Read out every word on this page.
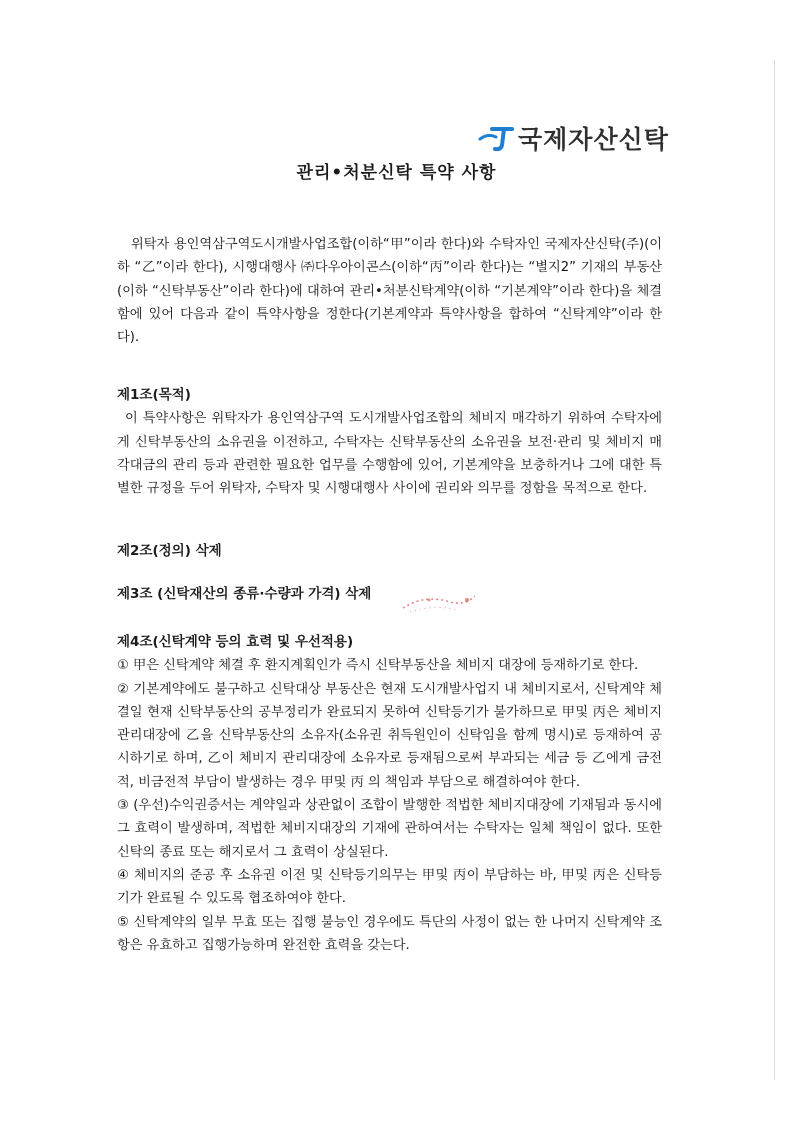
국제자산신탁
관리•처분신탁 특약 사항

위탁자 용인역삼구역도시개발사업조합(이하“甲”이라 한다)와 수탁자인 국제자산신탁(주)(이하 “乙”이라 한다), 시행대행사 ㈜다우아이콘스(이하“丙”이라 한다)는 “별지2” 기재의 부동산(이하 “신탁부동산”이라 한다)에 대하여 관리•처분신탁계약(이하 “기본계약”이라 한다)을 체결함에 있어 다음과 같이 특약사항을 정한다(기본계약과 특약사항을 합하여 “신탁계약”이라 한다).

제1조(목적)

이 특약사항은 위탁자가 용인역삼구역 도시개발사업조합의 체비지 매각하기 위하여 수탁자에게 신탁부동산의 소유권을 이전하고, 수탁자는 신탁부동산의 소유권을 보전·관리 및 체비지 매각대금의 관리 등과 관련한 필요한 업무를 수행함에 있어, 기본계약을 보충하거나 그에 대한 특별한 규정을 두어 위탁자, 수탁자 및 시행대행사 사이에 권리와 의무를 정함을 목적으로 한다.

제2조(정의) 삭제

제3조 (신탁재산의 종류·수량과 가격) 삭제

제4조(신탁계약 등의 효력 및 우선적용)

① 甲은 신탁계약 체결 후 환지계획인가 즉시 신탁부동산을 체비지 대장에 등재하기로 한다.

② 기본계약에도 불구하고 신탁대상 부동산은 현재 도시개발사업지 내 체비지로서, 신탁계약 체결일 현재 신탁부동산의 공부정리가 완료되지 못하여 신탁등기가 불가하므로 甲및 丙은 체비지 관리대장에 乙을 신탁부동산의 소유자(소유권 취득원인이 신탁임을 함께 명시)로 등재하여 공시하기로 하며, 乙이 체비지 관리대장에 소유자로 등재됨으로써 부과되는 세금 등 乙에게 금전적, 비금전적 부담이 발생하는 경우 甲및 丙 의 책임과 부담으로 해결하여야 한다.

③ (우선)수익권증서는 계약일과 상관없이 조합이 발행한 적법한 체비지대장에 기재됨과 동시에 그 효력이 발생하며, 적법한 체비지대장의 기재에 관하여서는 수탁자는 일체 책임이 없다. 또한 신탁의 종료 또는 해지로서 그 효력이 상실된다.

④ 체비지의 준공 후 소유권 이전 및 신탁등기의무는 甲및 丙이 부담하는 바, 甲및 丙은 신탁등기가 완료될 수 있도록 협조하여야 한다.

⑤ 신탁계약의 일부 무효 또는 집행 불능인 경우에도 특단의 사정이 없는 한 나머지 신탁계약 조항은 유효하고 집행가능하며 완전한 효력을 갖는다.
